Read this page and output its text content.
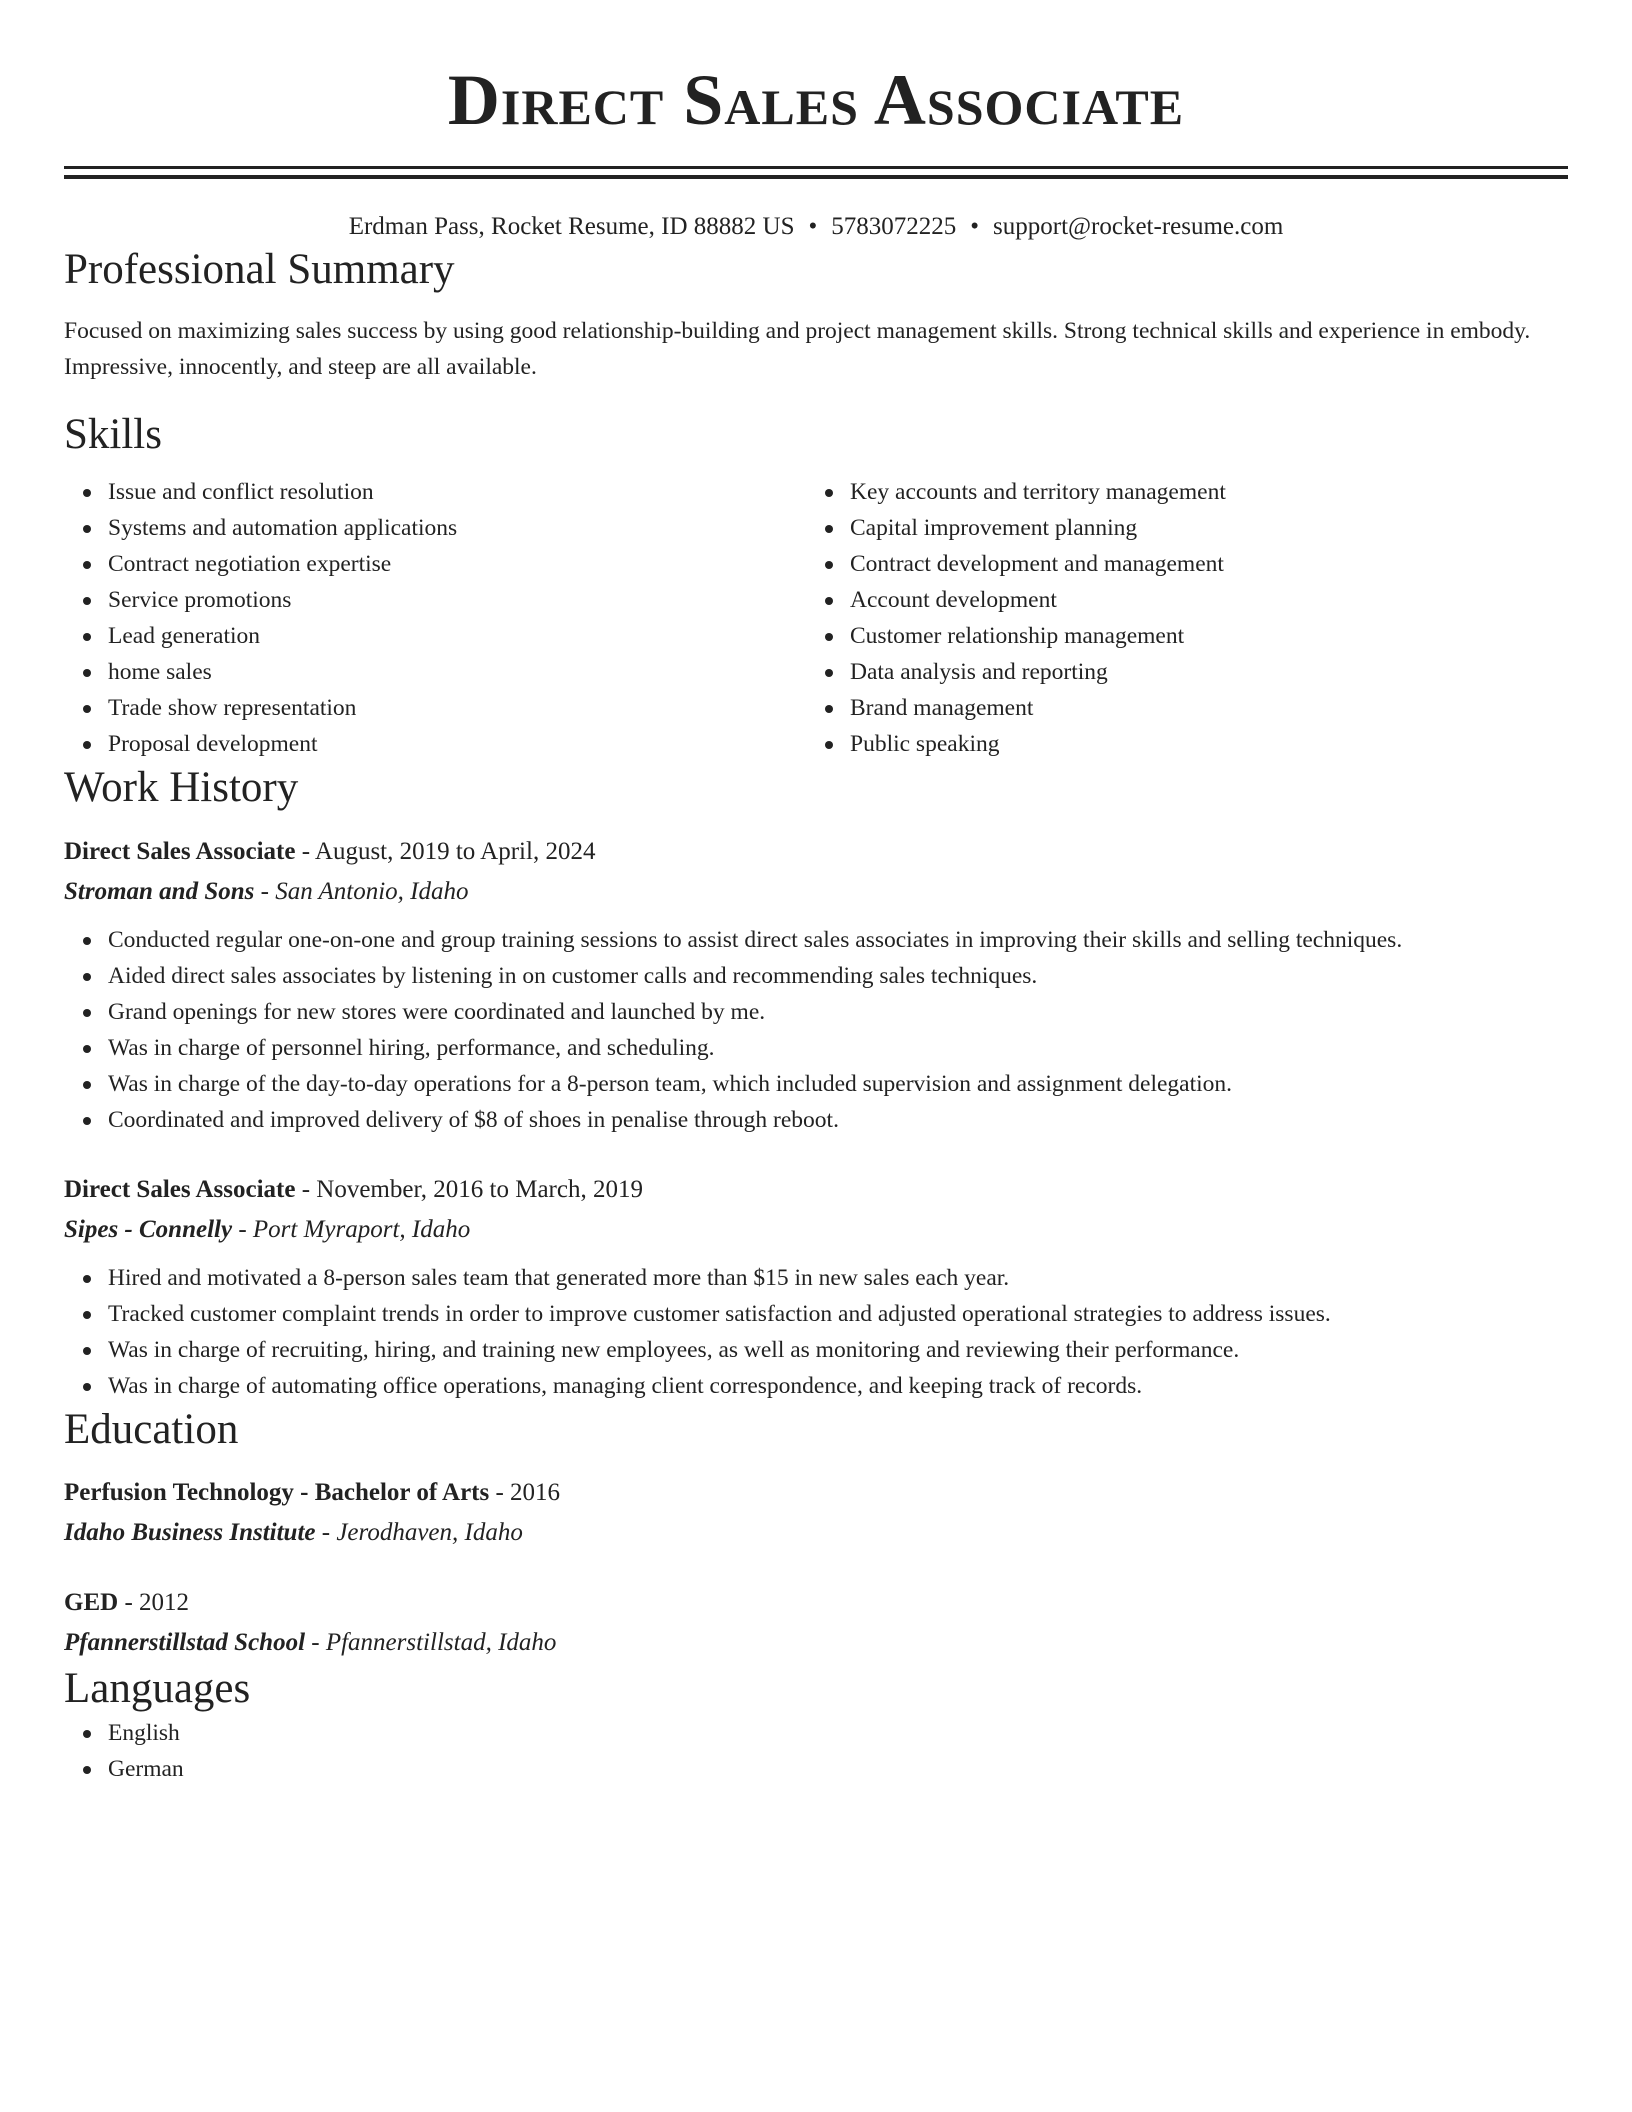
Direct Sales Associate
Erdman Pass, Rocket Resume, ID 88882 US • 5783072225 • support@rocket-resume.com
Professional Summary

Focused on maximizing sales success by using good relationship-building and project management skills. Strong technical skills and experience in embody. Impressive, innocently, and steep are all available.

Skills
Issue and conflict resolution
Systems and automation applications
Contract negotiation expertise
Service promotions
Lead generation
home sales
Trade show representation
Proposal development
Key accounts and territory management
Capital improvement planning
Contract development and management
Account development
Customer relationship management
Data analysis and reporting
Brand management
Public speaking
Work History
Direct Sales Associate - August, 2019 to April, 2024
Stroman and Sons - San Antonio, Idaho
Conducted regular one-on-one and group training sessions to assist direct sales associates in improving their skills and selling techniques.
Aided direct sales associates by listening in on customer calls and recommending sales techniques.
Grand openings for new stores were coordinated and launched by me.
Was in charge of personnel hiring, performance, and scheduling.
Was in charge of the day-to-day operations for a 8-person team, which included supervision and assignment delegation.
Coordinated and improved delivery of $8 of shoes in penalise through reboot.
Direct Sales Associate - November, 2016 to March, 2019
Sipes - Connelly - Port Myraport, Idaho
Hired and motivated a 8-person sales team that generated more than $15 in new sales each year.
Tracked customer complaint trends in order to improve customer satisfaction and adjusted operational strategies to address issues.
Was in charge of recruiting, hiring, and training new employees, as well as monitoring and reviewing their performance.
Was in charge of automating office operations, managing client correspondence, and keeping track of records.
Education
Perfusion Technology - Bachelor of Arts - 2016
Idaho Business Institute - Jerodhaven, Idaho
GED - 2012
Pfannerstillstad School - Pfannerstillstad, Idaho
Languages
English
German
